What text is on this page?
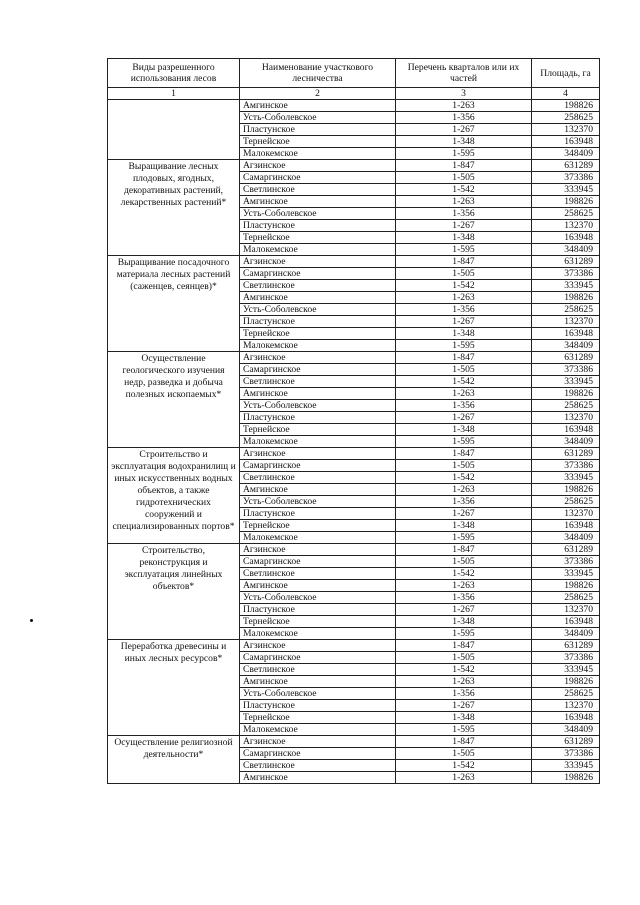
Виды разрешенного использования лесов	Наименование участкового лесничества	Перечень кварталов или их частей	Площадь, га
1	2	3	4
	Амгинское	1-263	198826
	Усть-Соболевское	1-356	258625
	Пластунское	1-267	132370
	Тернейское	1-348	163948
	Малокемское	1-595	348409
Выращивание лесных плодовых, ягодных, декоративных растений, лекарственных растений*	Агзинское	1-847	631289
	Самаргинское	1-505	373386
	Светлинское	1-542	333945
	Амгинское	1-263	198826
	Усть-Соболевское	1-356	258625
	Пластунское	1-267	132370
	Тернейское	1-348	163948
	Малокемское	1-595	348409
Выращивание посадочного материала лесных растений (саженцев, сеянцев)*	Агзинское	1-847	631289
	Самаргинское	1-505	373386
	Светлинское	1-542	333945
	Амгинское	1-263	198826
	Усть-Соболевское	1-356	258625
	Пластунское	1-267	132370
	Тернейское	1-348	163948
	Малокемское	1-595	348409
Осуществление геологического изучения недр, разведка и добыча полезных ископаемых*	Агзинское	1-847	631289
	Самаргинское	1-505	373386
	Светлинское	1-542	333945
	Амгинское	1-263	198826
	Усть-Соболевское	1-356	258625
	Пластунское	1-267	132370
	Тернейское	1-348	163948
	Малокемское	1-595	348409
Строительство и эксплуатация водохранилищ и иных искусственных водных объектов, а также гидротехнических сооружений и специализированных портов*	Агзинское	1-847	631289
	Самаргинское	1-505	373386
	Светлинское	1-542	333945
	Амгинское	1-263	198826
	Усть-Соболевское	1-356	258625
	Пластунское	1-267	132370
	Тернейское	1-348	163948
	Малокемское	1-595	348409
Строительство, реконструкция и эксплуатация линейных объектов*	Агзинское	1-847	631289
	Самаргинское	1-505	373386
	Светлинское	1-542	333945
	Амгинское	1-263	198826
	Усть-Соболевское	1-356	258625
	Пластунское	1-267	132370
	Тернейское	1-348	163948
	Малокемское	1-595	348409
Переработка древесины и иных лесных ресурсов*	Агзинское	1-847	631289
	Самаргинское	1-505	373386
	Светлинское	1-542	333945
	Амгинское	1-263	198826
	Усть-Соболевское	1-356	258625
	Пластунское	1-267	132370
	Тернейское	1-348	163948
	Малокемское	1-595	348409
Осуществление религиозной деятельности*	Агзинское	1-847	631289
	Самаргинское	1-505	373386
	Светлинское	1-542	333945
	Амгинское	1-263	198826
